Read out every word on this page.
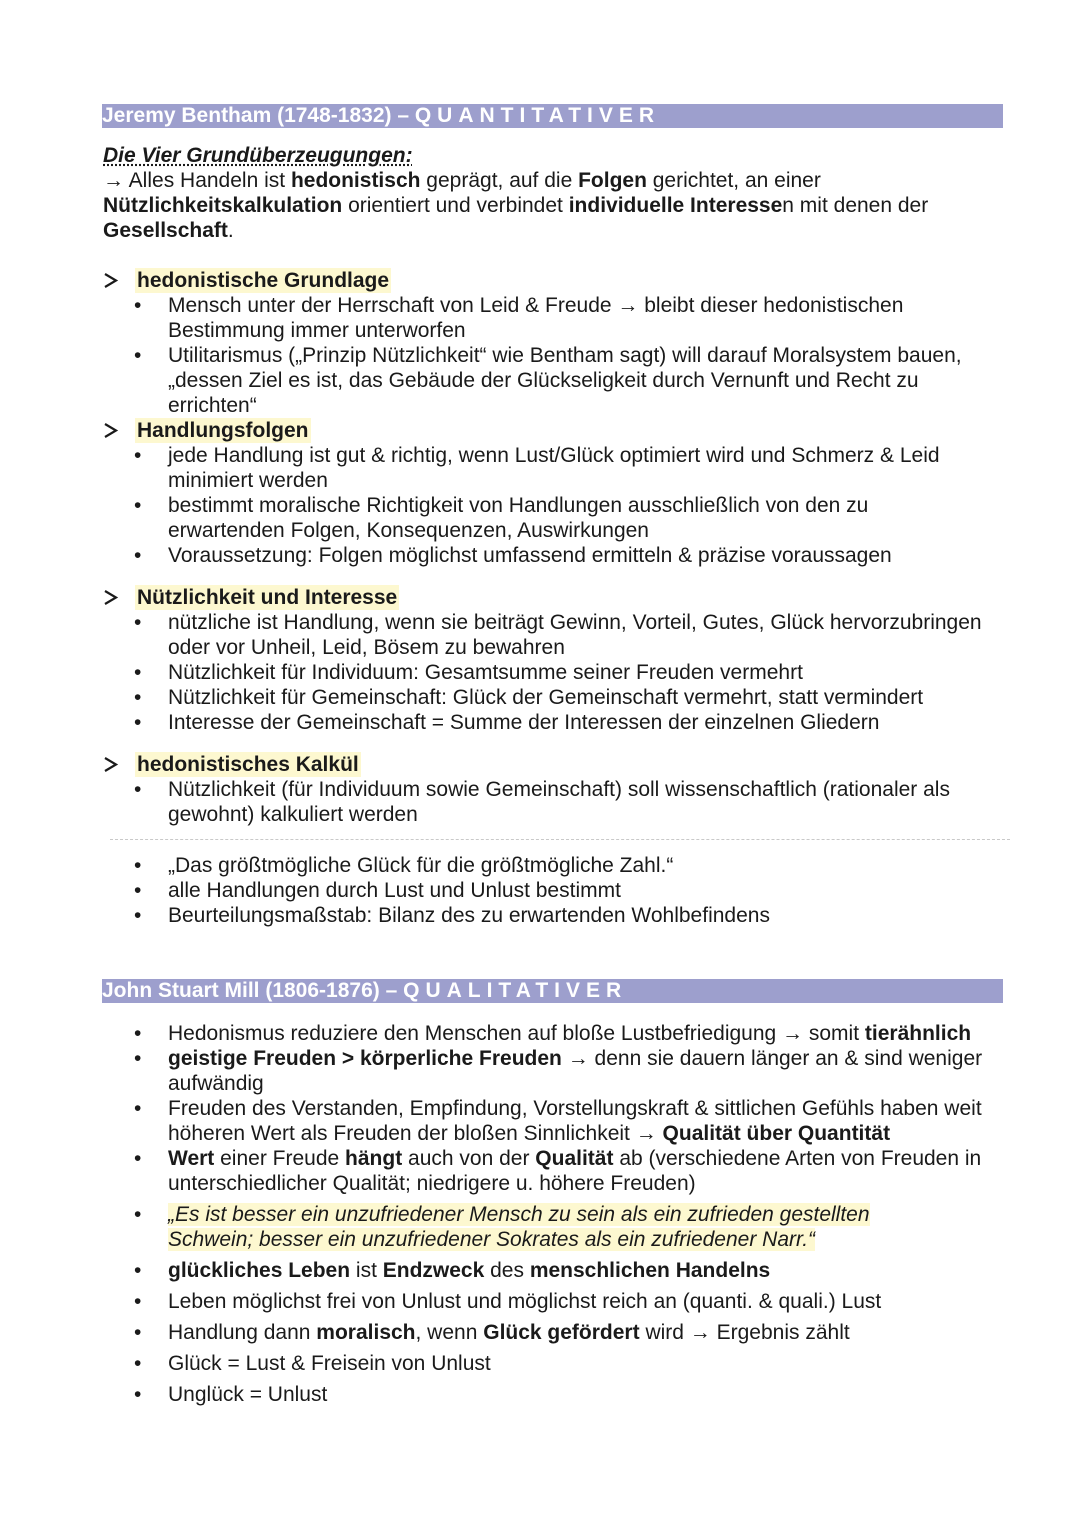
Jeremy Bentham (1748-1832) – QUANTITATIVER
Die Vier Grundüberzeugungen:
→ Alles Handeln ist hedonistisch geprägt, auf die Folgen gerichtet, an einer
Nützlichkeitskalkulation orientiert und verbindet individuelle Interessen mit denen der
Gesellschaft.
hedonistische Grundlage
• Mensch unter der Herrschaft von Leid & Freude → bleibt dieser hedonistischen Bestimmung immer unterworfen
• Utilitarismus („Prinzip Nützlichkeit“ wie Bentham sagt) will darauf Moralsystem bauen, „dessen Ziel es ist, das Gebäude der Glückseligkeit durch Vernunft und Recht zu errichten“
Handlungsfolgen
• jede Handlung ist gut & richtig, wenn Lust/Glück optimiert wird und Schmerz & Leid minimiert werden
• bestimmt moralische Richtigkeit von Handlungen ausschließlich von den zu erwartenden Folgen, Konsequenzen, Auswirkungen
• Voraussetzung: Folgen möglichst umfassend ermitteln & präzise voraussagen
Nützlichkeit und Interesse
• nützliche ist Handlung, wenn sie beiträgt Gewinn, Vorteil, Gutes, Glück hervorzubringen oder vor Unheil, Leid, Bösem zu bewahren
• Nützlichkeit für Individuum: Gesamtsumme seiner Freuden vermehrt
• Nützlichkeit für Gemeinschaft: Glück der Gemeinschaft vermehrt, statt vermindert
• Interesse der Gemeinschaft = Summe der Interessen der einzelnen Gliedern
hedonistisches Kalkül
• Nützlichkeit (für Individuum sowie Gemeinschaft) soll wissenschaftlich (rationaler als gewohnt) kalkuliert werden
• „Das größtmögliche Glück für die größtmögliche Zahl.“
• alle Handlungen durch Lust und Unlust bestimmt
• Beurteilungsmaßstab: Bilanz des zu erwartenden Wohlbefindens
John Stuart Mill (1806-1876) – QUALITATIVER
• Hedonismus reduziere den Menschen auf bloße Lustbefriedigung → somit tierähnlich
• geistige Freuden > körperliche Freuden → denn sie dauern länger an & sind weniger aufwändig
• Freuden des Verstanden, Empfindung, Vorstellungskraft & sittlichen Gefühls haben weit höheren Wert als Freuden der bloßen Sinnlichkeit → Qualität über Quantität
• Wert einer Freude hängt auch von der Qualität ab (verschiedene Arten von Freuden in unterschiedlicher Qualität; niedrigere u. höhere Freuden)
• „Es ist besser ein unzufriedener Mensch zu sein als ein zufrieden gestellten
Schwein; besser ein unzufriedener Sokrates als ein zufriedener Narr.“
• glückliches Leben ist Endzweck des menschlichen Handelns
• Leben möglichst frei von Unlust und möglichst reich an (quanti. & quali.) Lust
• Handlung dann moralisch, wenn Glück gefördert wird → Ergebnis zählt
• Glück = Lust & Freisein von Unlust
• Unglück = Unlust
